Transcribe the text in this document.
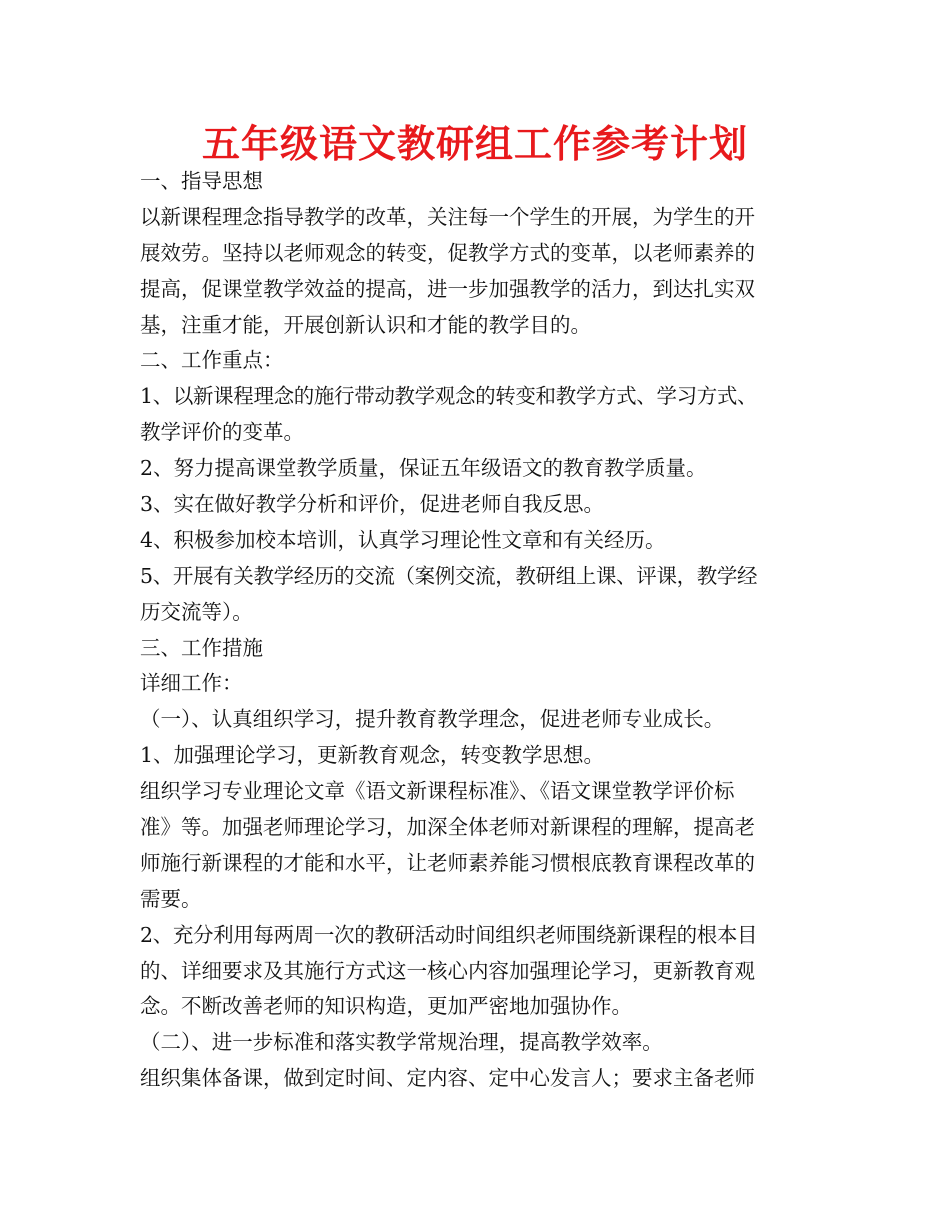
五年级语文教研组工作参考计划
一、指导思想
以新课程理念指导教学的改革，关注每一个学生的开展，为学生的开
展效劳。坚持以老师观念的转变，促教学方式的变革，以老师素养的
提高，促课堂教学效益的提高，进一步加强教学的活力，到达扎实双
基，注重才能，开展创新认识和才能的教学目的。
二、工作重点：
1、以新课程理念的施行带动教学观念的转变和教学方式、学习方式、
教学评价的变革。
2、努力提高课堂教学质量，保证五年级语文的教育教学质量。
3、实在做好教学分析和评价，促进老师自我反思。
4、积极参加校本培训，认真学习理论性文章和有关经历。
5、开展有关教学经历的交流（案例交流，教研组上课、评课，教学经
历交流等）。
三、工作措施
详细工作：
（一）、认真组织学习，提升教育教学理念，促进老师专业成长。
1、加强理论学习，更新教育观念，转变教学思想。
组织学习专业理论文章《语文新课程标准》、《语文课堂教学评价标
准》等。加强老师理论学习，加深全体老师对新课程的理解，提高老
师施行新课程的才能和水平，让老师素养能习惯根底教育课程改革的
需要。
2、充分利用每两周一次的教研活动时间组织老师围绕新课程的根本目
的、详细要求及其施行方式这一核心内容加强理论学习，更新教育观
念。不断改善老师的知识构造，更加严密地加强协作。
（二）、进一步标准和落实教学常规治理，提高教学效率。
组织集体备课，做到定时间、定内容、定中心发言人；要求主备老师
